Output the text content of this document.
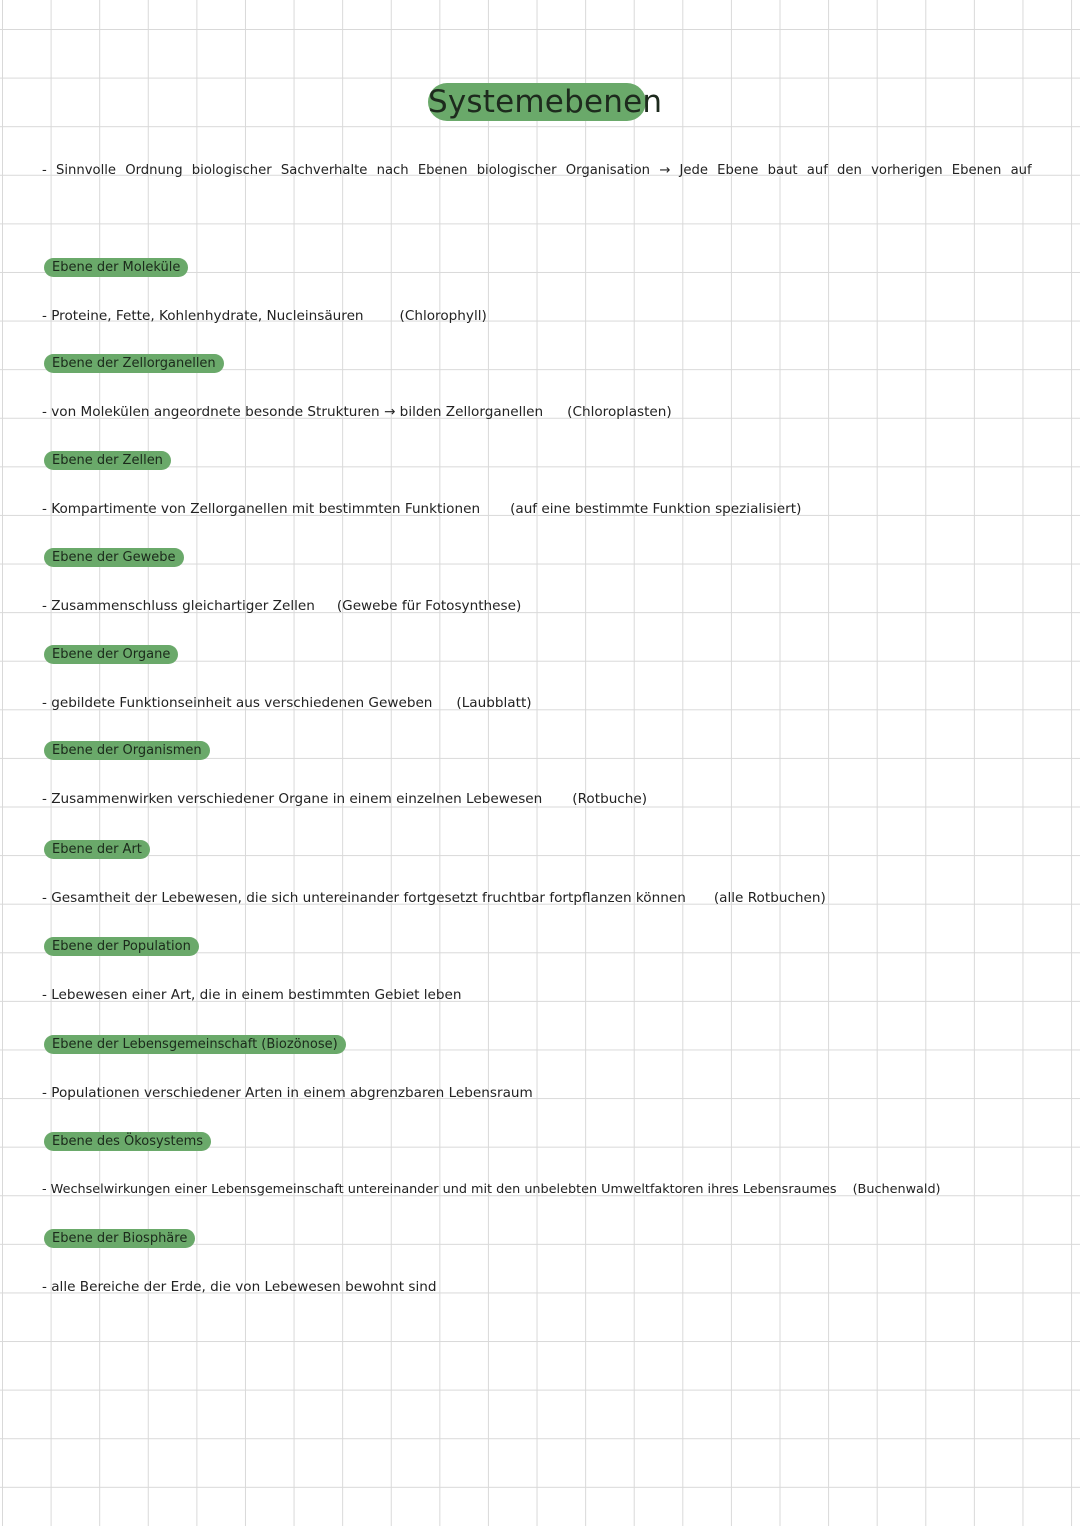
Systemebenen
- Sinnvolle Ordnung biologischer Sachverhalte nach Ebenen biologischer Organisation → Jede Ebene baut auf den vorherigen Ebenen auf
Ebene der Moleküle
- Proteine, Fette, Kohlenhydrate, Nucleinsäuren	(Chlorophyll)
Ebene der Zellorganellen
- von Molekülen angeordnete besonde Strukturen → bilden Zellorganellen (Chloroplasten)
Ebene der Zellen
- Kompartimente von Zellorganellen mit bestimmten Funktionen (auf eine bestimmte Funktion spezialisiert)
Ebene der Gewebe
- Zusammenschluss gleichartiger Zellen (Gewebe für Fotosynthese)
Ebene der Organe
- gebildete Funktionseinheit aus verschiedenen Geweben (Laubblatt)
Ebene der Organismen
- Zusammenwirken verschiedener Organe in einem einzelnen Lebewesen (Rotbuche)
Ebene der Art
- Gesamtheit der Lebewesen, die sich untereinander fortgesetzt fruchtbar fortpflanzen können (alle Rotbuchen)
Ebene der Population
- Lebewesen einer Art, die in einem bestimmten Gebiet leben
Ebene der Lebensgemeinschaft (Biozönose)
- Populationen verschiedener Arten in einem abgrenzbaren Lebensraum
Ebene des Ökosystems
- Wechselwirkungen einer Lebensgemeinschaft untereinander und mit den unbelebten Umweltfaktoren ihres Lebensraumes (Buchenwald)
Ebene der Biosphäre
- alle Bereiche der Erde, die von Lebewesen bewohnt sind
